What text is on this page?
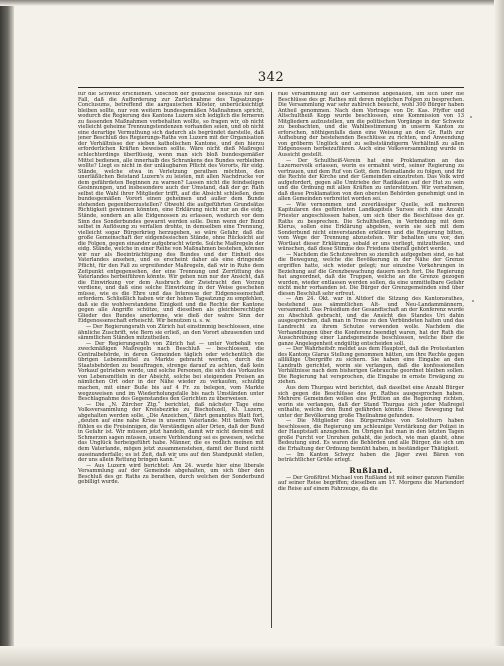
342

für die Schweiz erschienen. Obschon der gedachte Beschluß für den Fall, daß die Aufforderung zur Zurücknahme des Tagsatzungs-Conclusums, betreffend die aargauischen Klöster, unberücksichtigt bleiben sollte, nur von weitern bundesgemäßen Maßnahmen spricht, wodurch die Regierung des Kantons Luzern sich lediglich die ferneren zu fassenden Maßnahmen vorbehalten wollte, so fragen wir, ob nicht vielleicht geheime Trennungstendenzen vorhanden seien, und ob nicht eine derartige Vermuthung sich dadurch als begründet darstelle, daß jener Beschluß des Regierungs-Raths von Luzern mit der Organisation der Verhältnisse der sieben katholischen Kantone, und den hierzu erforderlichen Kräften beweisen sollte. Wäre nicht dieß Maßregel schlechterdings überflüssig, wenn man sich bloß bundesgemäßer Mittel bedienen, alle innerhalb des Schrankens des Bundes verbleiben wollte? Liegt es nicht in der unläugbaren Pflicht des Vororts, für eidg. Stände, welche etwa in Verletzung gerathen möchten, den unerläßlichen Beistand Luzern's zu leisten, mit allen Nachdrucke vor dem gefährdeten Beginnen zu warnen? Lassen nicht die feindseligen Gesinnungen, und insbesondere auch der Umstand, daß der gr. Rath selbst die Wahl ihrer Mitglieder trifft, auf die Absicht schließen, dem bundesgemäßen Vorort einen geheimen und außer dem Bunde stehenden gegenüberzustellen? Obwohl die aufgeführten Grundsätze Richtigkeit gewinnen könnten, eine Erklärung nicht nur an die eidg. Stände, sondern an alle Eidgenossen zu erlassen, wodurch vor dem Sinn des Sonderbundes gewarnt werden solle. Denn wenn der Bund selbst in Auflösung zu verfallen drohte, in demselben eine Trennung, vielleicht sogar Bürgerkrieg herzugeben, so wäre Gefahr, daß die große Gemeinschaft der eidgenössischen Stände, ohne Rücksicht auf die Folgen, gegen einander aufgebracht würde. Solche Maßregeln der eidg. Stände, welche in einer Reihe von Maßnahmen bestehen, können wir nur als Beeinträchtigung des Bundes und der Einheit des Vaterlandes ansehen, und es erscheint daher als eine dringende Pflicht, für den Fall zu ergreifender Maßregeln, daß wir in Ruhe dem Zeitpunkt entgegensehen, der eine Trennung und Zerrüttung des Vaterlandes herbeiführen könnte. Wir gehen nun nur der Ansicht, daß die Einwirkung vor dem Ausbruch der Zwietracht den Vorzug verdiene, und daß eine solche Einwirkung in der Weise geschehen müsse, wie es die Ehre und das Interesse der Eidgenossenschaft erfordern. Schließlich haben wir der hohen Tagsatzung zu empfehlen, daß sie die wohlverstandene Einigkeit und die Rechte der Kantone gegen alle Angriffe schütze, und dieselben als gleichberechtigte Glieder des Bundes anerkenne, wie dieß der wahre Sinn der Eidgenossenschaft erheischt. Wir benutzen u. s. w.

— Der Regierungsrath von Zürich hat einstimmig beschlossen, eine ähnliche Zuschrift, wie Bern sie erließ, an den Vorort abzusenden und sämmtlichen Ständen mitzutheilen.

— Der Regierungsrath von Zürich hat — unter Vorbehalt von zweckmäßigen Maßregeln nach Beschluß — beschlossen, die Centralbehörde, in deren Gemeinden täglich oder wöchentlich die übrigen Lebensmittel zu Markte gebracht werden, durch die Staatsbehörden zu beauftragen, strenge darauf zu achten, daß kein Vorkauf getrieben werde, und solche Personen, die sich des Vorkaufes von Lebensmitteln in der Absicht, solche bei steigenden Preisen an nämlichen Ort oder in der Nähe wieder zu verkaufen, schuldig machen, mit einer Buße bis auf 4 Fr. zu belegen, vom Markte wegzuweisen und im Wiederholungsfalle bis nach Umständen unter Beschlagnahme des Gegenstandes den Gerichten zu überweisen.

— Die „N. Zürcher Ztg.“ berichtet, daß nächster Tage eine Volksversammlung der Kreisbezirke zu Bischofszell, Kt. Luzern, abgehalten werden solle. „Die Anzeichen,“ fährt genanntes Blatt fort, „deuten auf eine nahe Krise in unserm Vaterlande. Mit tiefem Weh fühlen es die Freisinnigen, die Verständigen aller Orten, daß der Bund in Gefahr ist. Wir müssen jetzt handeln, damit wir nicht dereinst mit Schmerzen sagen müssen, unsere Verblendung sei es gewesen, welche das Unglück herbeigeführt habe. Männer, die es redlich meinen mit dem Vaterlande, mögen jetzt zusammenstehen, damit der Bund nicht auseinanderfalle; es ist Zeit, daß wir uns auf den Standpunkt stellen, der uns allein Rettung bringen kann.“

— Aus Luzern wird berichtet: Am 24. wurde hier eine liberale Versammlung auf der Gemeinde abgehalten, um sich über den Beschluß des gr. Raths zu berathen, durch welchen der Sonderbund gebilligt wurde.

rale Versammlung auf der Gemeinde abgehalten, um sich über die Beschlüsse des gr. Rathes mit deren möglichen Folgen zu besprechen. Die Versammlung war sehr zahlreich besucht, wohl 300 Bürger haben Antheil genommen. Nach dem Vortrage von Dr. Kas. Pfyffer und Altschultheiß Kopp wurde beschlossen, eine Kommission von 13 Mitgliedern aufzustellen, um die politischen Vorgänge in der Schweiz zu beobachten, und die Wahlbestimmung in unserm Kanton zu erforschen, nöthigenfalls dann eine Weisung an den Gr. Rath zur Aufhebung der bestehenden Beschlüsse zu richten, und Anwendung von gröberm Unglück und zu selbstständigerm Verhältniß zu allen Eidgenossen herbeizuführen. Auch eine Volksversammlung wurde in Aussicht gestellt.

— Der Schultheiß-Verein hat eine Proklamation an das Luzernervolk erlassen, worin es ermahnt wird, seiner Regierung zu vertrauen, und dem Ruf von Gott, dem Heimatlande zu folgen, und für die Rechte der Kirche und der Gemeinden einzutreten. Das Volk wird aufgefordert, gegen alle Umtriebe der Radikalen auf der Hut zu sein und die Ordnung mit allen Kräften zu unterstützen. Wir vernehmen, daß diese Proklamation von den obersten Behörden genehmigt und in allen Gemeinden verbreitet worden sei.

— Wie vernommen und zuverlässiger Quelle, soll mehreren Kapitularen des gefürsteten Landkapitels Sursee sich eine Anzahl Priester angeschlossen haben, um sich über die Beschlüsse des gr. Raths zu besprechen. Die Schultheißen, in Verbindung mit dem Klerus, sollen eine Erklärung abgeben, worin sie sich mit dem Sonderbund nicht einverstanden erklären und die Regierung bitten, vom Wege der Trennung abzustehen. Wir behalten uns vor, den Wortlaut dieser Erklärung, sobald er uns vorliegt, mitzutheilen, und wünschen, daß diese Stimme des Friedens überall gehört werde.

— Nachdem die Schutzwehren so ziemlich aufgegeben sind, so hat die Bewegung, welche die Bevölkerung in der Nähe der Grenze ergriffen hatte, sich wieder gelegt; nur einzelne Vorkehrungen in Beziehung auf die Grenzbewachung dauern noch fort. Die Regierung hat angeordnet, daß die Truppen, welche an die Grenze gezogen wurden, wieder entlassen werden sollen, da eine unmittelbare Gefahr nicht mehr vorhanden ist. Die Bürger der Grenzgemeinden sind über diesen Beschluß sehr erfreut.

— Am 24. Okt. war in Altdorf die Sitzung des Kantonsrathes, bestehend aus sämmtlichen Alt- und Neu-Landammännern, versammelt. Das Präsidium der Gesandtschaft an der Konferenz wurde zu Abschluß gebracht, und die Ansicht des Standes Uri dahin ausgesprochen, daß man in Treue zu den Verbündeten halten und das Landrecht zu ihrem Schutze verwenden wolle. Nachdem die Verhandlungen über die Konferenz beendigt waren, hat der Rath die Ausschreibung einer Landsgemeinde beschlossen, welche über die ganze Angelegenheit endgültig entscheiden soll.

— Der Wahrheitsfr. meldet aus dem Hauptort, daß die Protestanten des Kantons Glarus Stellung genommen hätten, um ihre Rechte gegen allfällige Übergriffe zu sichern. Sie haben eine Eingabe an den Landrath gerichtet, worin sie verlangen, daß die konfessionellen Verhältnisse nach dem bisherigen Gebrauche geordnet bleiben sollen. Die Regierung hat versprochen, die Eingabe in ernste Erwägung zu ziehen.

Aus dem Thurgau wird berichtet, daß daselbst eine Anzahl Bürger sich gegen die Beschlüsse des gr. Rathes ausgesprochen haben. Mehrere Gemeinden wollen eine Petition an die Regierung richten, worin sie verlangen, daß der Stand Thurgau sich jeder Maßregel enthalte, welche den Bund gefährden könnte. Diese Bewegung hat unter der Bevölkerung große Theilnahme gefunden.

— Die Mitglieder des Bürgerrathes von Solothurn haben beschlossen, die Regierung um schleunige Verstärkung der Polizei in der Hauptstadt anzugehen. Im Übrigen hat man in den letzten Tagen große Furcht vor Unruhen gehabt, die jedoch, wie man glaubt, ohne Bedeutung sind. Es waren die Behörden und alle Bürger, die sich um die Erhaltung der Ordnung bemüht haben, in beständiger Thätigkeit.

— Im Kanton Schwyz haben die Jäger zwei Bären von beträchtlicher Größe erlegt.

Rußland.

— Der Großfürst Michael von Rußland ist mit seiner ganzen Familie auf seiner Reise begriffen; dieselben am 17. Morgens die Mariendorf die Reise auf einem Fahrzeuge, da die
